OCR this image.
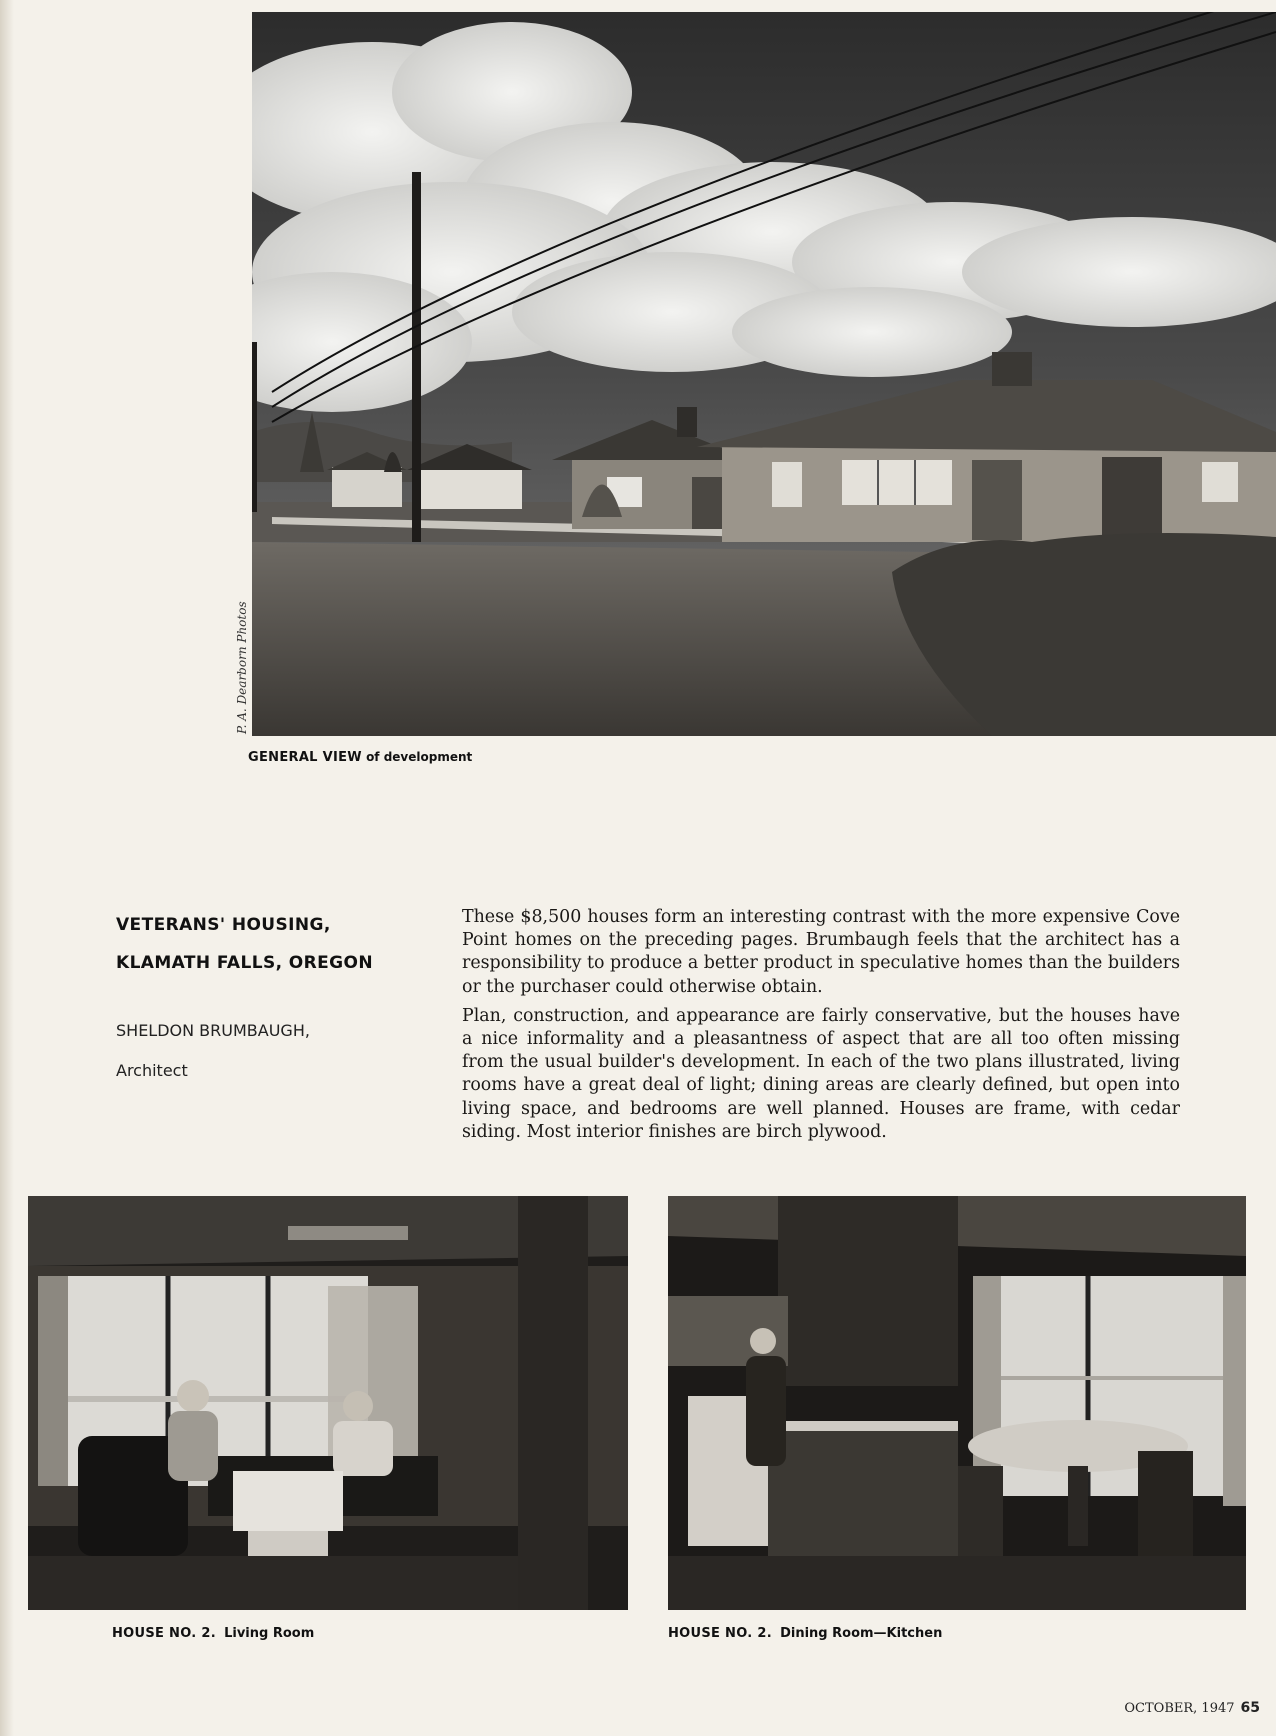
P. A. Dearborn Photos
GENERAL VIEW of development
VETERANS' HOUSING,
KLAMATH FALLS, OREGON
SHELDON BRUMBAUGH,
Architect

These $8,500 houses form an interesting contrast with the more expensive Cove Point homes on the preceding pages. Brumbaugh feels that the architect has a responsibility to produce a better product in speculative homes than the builders or the purchaser could otherwise obtain.

Plan, construction, and appearance are fairly conservative, but the houses have a nice informality and a pleasantness of aspect that are all too often missing from the usual builder's development. In each of the two plans illustrated, living rooms have a great deal of light; dining areas are clearly defined, but open into living space, and bedrooms are well planned. Houses are frame, with cedar siding. Most interior finishes are birch plywood.

HOUSE NO. 2. Living Room	HOUSE NO. 2. Dining Room—Kitchen
OCTOBER, 1947 65
